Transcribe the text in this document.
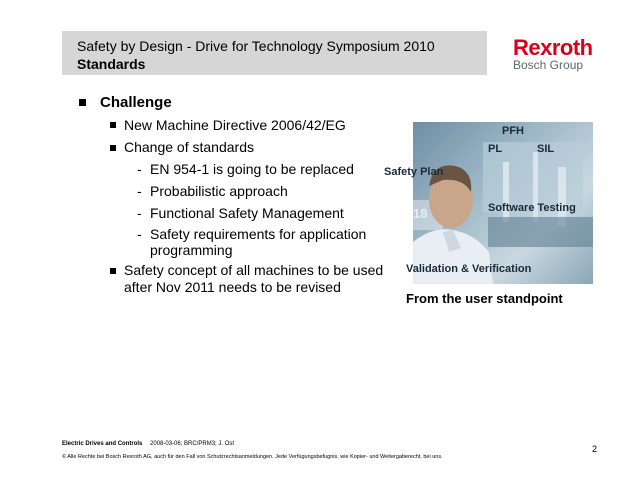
Safety by Design - Drive for Technology Symposium 2010
Standards
Rexroth
Bosch Group
Challenge
New Machine Directive 2006/42/EG
Change of standards
- EN 954-1 is going to be replaced
- Probabilistic approach
- Functional Safety Management
- Safety requirements for application
programming
Safety concept of all machines to be used
after Nov 2011 needs to be revised
18
PFH
PL	SIL
Safety Plan
Software Testing
Validation & Verification
From the user standpoint
Electric Drives and Controls 2008-03-06; BRC/PRM3; J. Ost
© Alle Rechte bei Bosch Rexroth AG, auch für den Fall von Schutzrechtsanmeldungen. Jede Verfügungsbefugnis, wie Kopier- und Weitergaberecht, bei uns.
2
